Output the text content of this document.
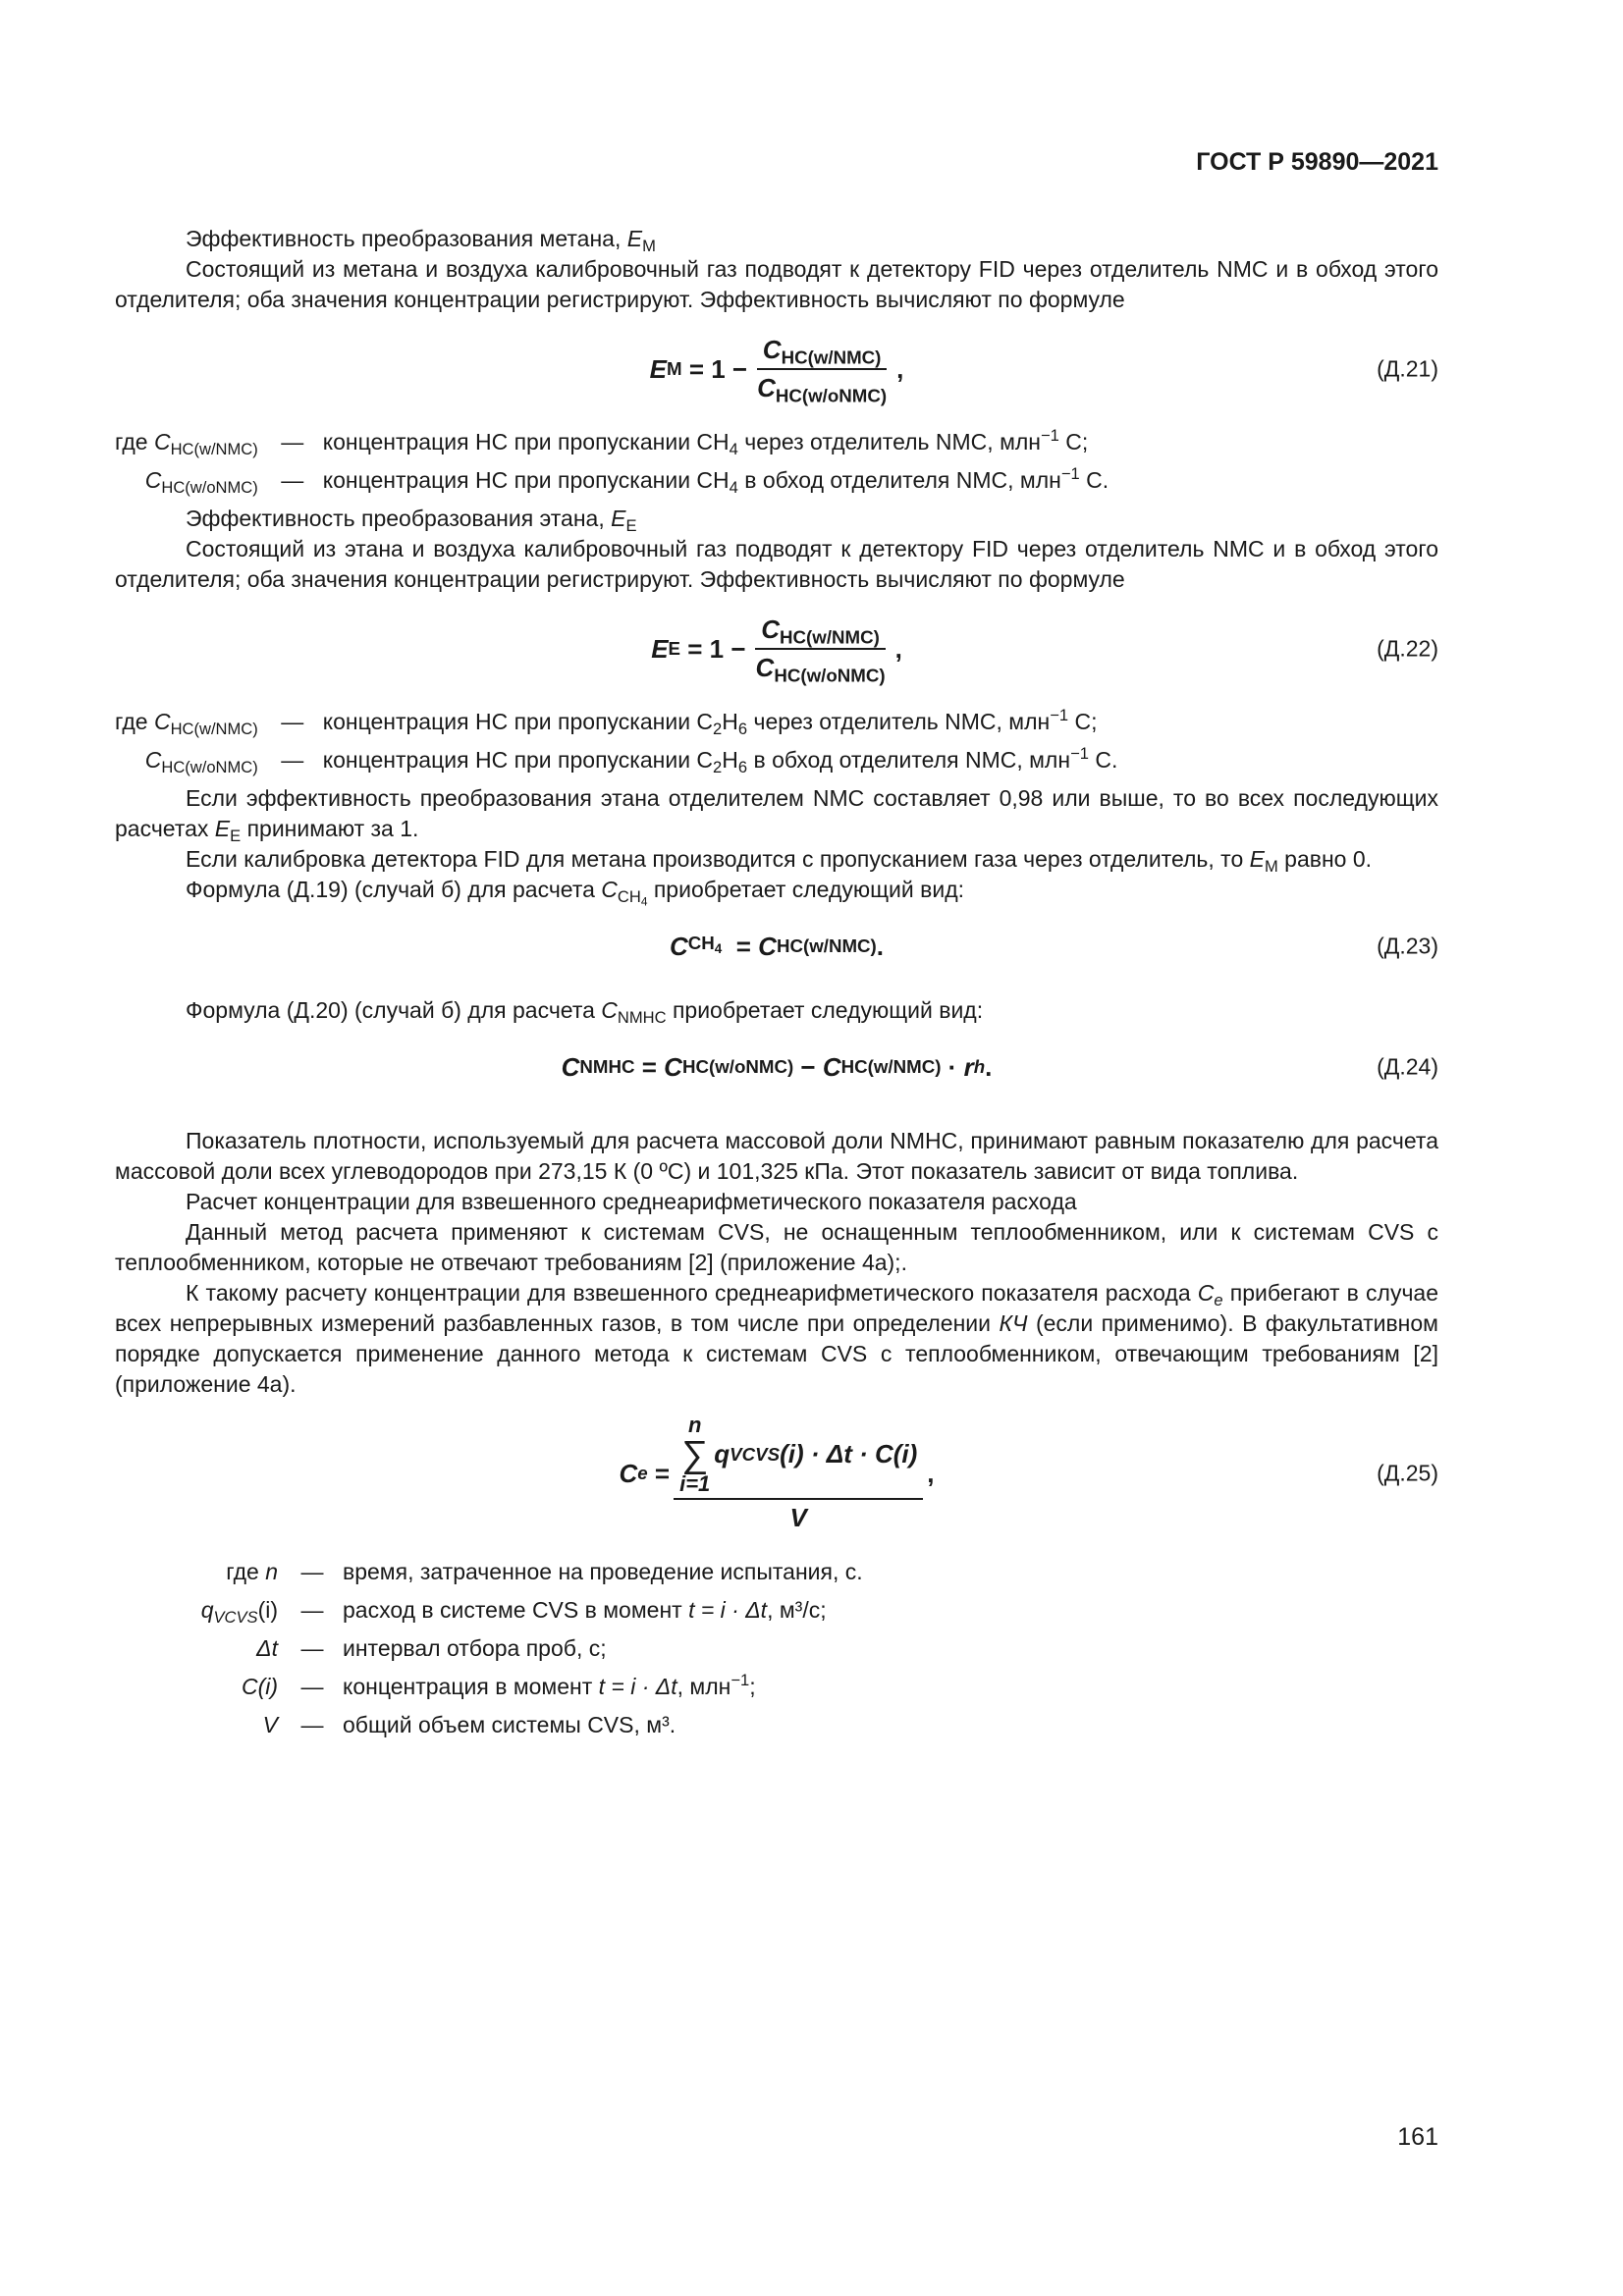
ГОСТ Р 59890—2021

Эффективность преобразования метана, $E_M$

Состоящий из метана и воздуха калибровочный газ подводят к детектору FID через отделитель NMC и в обход этого отделителя; оба значения концентрации регистрируют. Эффективность вычисляют по формуле

E M
= $1 - \frac{C_{HC(w/NMC)}}{C_{HC(w/oNMC)}}$ ,	(Д.21)
где $C_{HC(w/NMC)}$	— концентрация HC при пропускании $CH_4$ через отделитель NMC, млн$^{-1}$ C;
$C_{HC(w/oNMC)}$	— концентрация HC при пропускании $CH_4$ в обход отделителя NMC, млн$^{-1}$ C.

Эффективность преобразования этана, $E_E$

Состоящий из этана и воздуха калибровочный газ подводят к детектору FID через отделитель NMC и в обход этого отделителя; оба значения концентрации регистрируют. Эффективность вычисляют по формуле

E E
= $1 - \frac{C_{HC(w/NMC)}}{C_{HC(w/oNMC)}}$ ,	(Д.22)
где $C_{HC(w/NMC)}$	— концентрация HC при пропускании $C_2H_6$ через отделитель NMC, млн$^{-1}$ C;
$C_{HC(w/oNMC)}$	— концентрация HC при пропускании $C_2H_6$ в обход отделителя NMC, млн$^{-1}$ C.

Если эффективность преобразования этана отделителем NMC составляет 0,98 или выше, то во всех последующих расчетах $E_E$ принимают за 1.

Если калибровка детектора FID для метана производится с пропусканием газа через отделитель, то $E_M$ равно 0.

Формула (Д.19) (случай б) для расчета $C_{CH_4}$ приобретает следующий вид:

C $CH_4$
=
C HC(w/NMC) .	(Д.23)

Формула (Д.20) (случай б) для расчета $C_{NMHC}$ приобретает следующий вид:

C NMHC
=
C HC(w/oNMC)
−
C HC(w/NMC)
·
r h .	(Д.24)

Показатель плотности, используемый для расчета массовой доли NMHC, принимают равным показателю для расчета массовой доли всех углеводородов при 273,15 К (0 ºС) и 101,325 кПа. Этот показатель зависит от вида топлива.

Расчет концентрации для взвешенного среднеарифметического показателя расхода

Данный метод расчета применяют к системам CVS, не оснащенным теплообменником, или к системам CVS с теплообменником, которые не отвечают требованиям [2] (приложение 4а);.

К такому расчету концентрации для взвешенного среднеарифметического показателя расхода $C_e$ прибегают в случае всех непрерывных измерений разбавленных газов, в том числе при определении КЧ (если применимо). В факультативном порядке допускается применение данного метода к системам CVS с теплообменником, отвечающим требованиям [2] (приложение 4а).

C e
= n
∑
i=1
q VCVS (i) · Δt · C(i)
V ,	(Д.25)
где n	— время, затраченное на проведение испытания, с.
$q_{VCVS}(i)$	— расход в системе CVS в момент t = i · Δt, м³/с;
Δt	— интервал отбора проб, с;
C(i)	— концентрация в момент t = i · Δt, млн$^{-1}$;
V	— общий объем системы CVS, м³.
161
